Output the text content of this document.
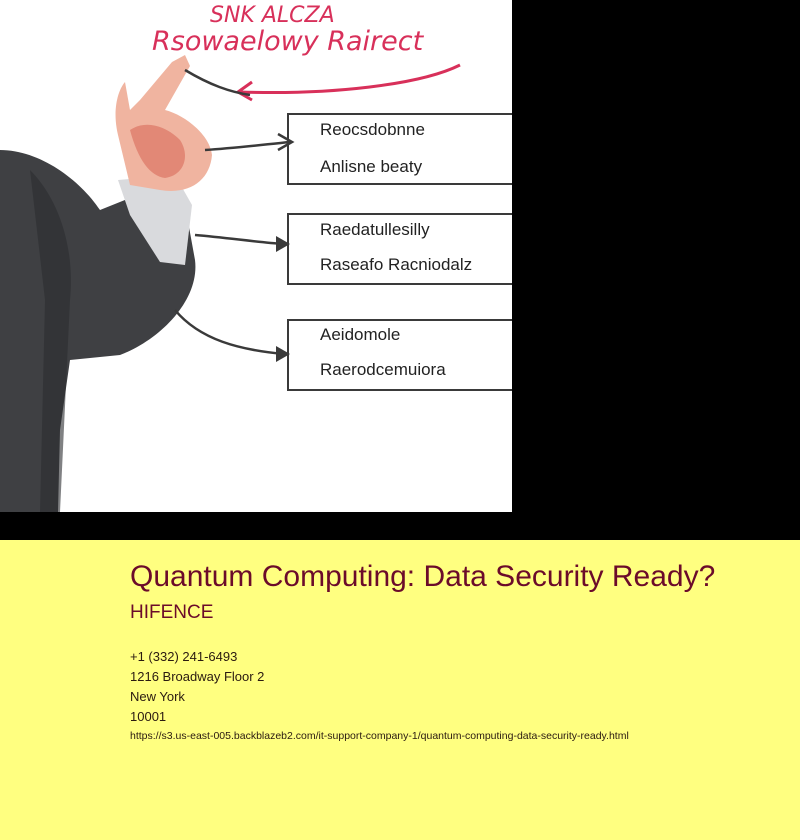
SNK ALCZA
Rsowaelowy Rairect
Reocsdobnne
Anlisne beaty
Raedatullesilly
Raseafo Racniodalz
Aeidomole
Raerodcemuiora
Quantum Computing: Data Security Ready?
HIFENCE
+1 (332) 241-6493
1216 Broadway Floor 2
New York
10001
https://s3.us-east-005.backblazeb2.com/it-support-company-1/quantum-computing-data-security-ready.html
